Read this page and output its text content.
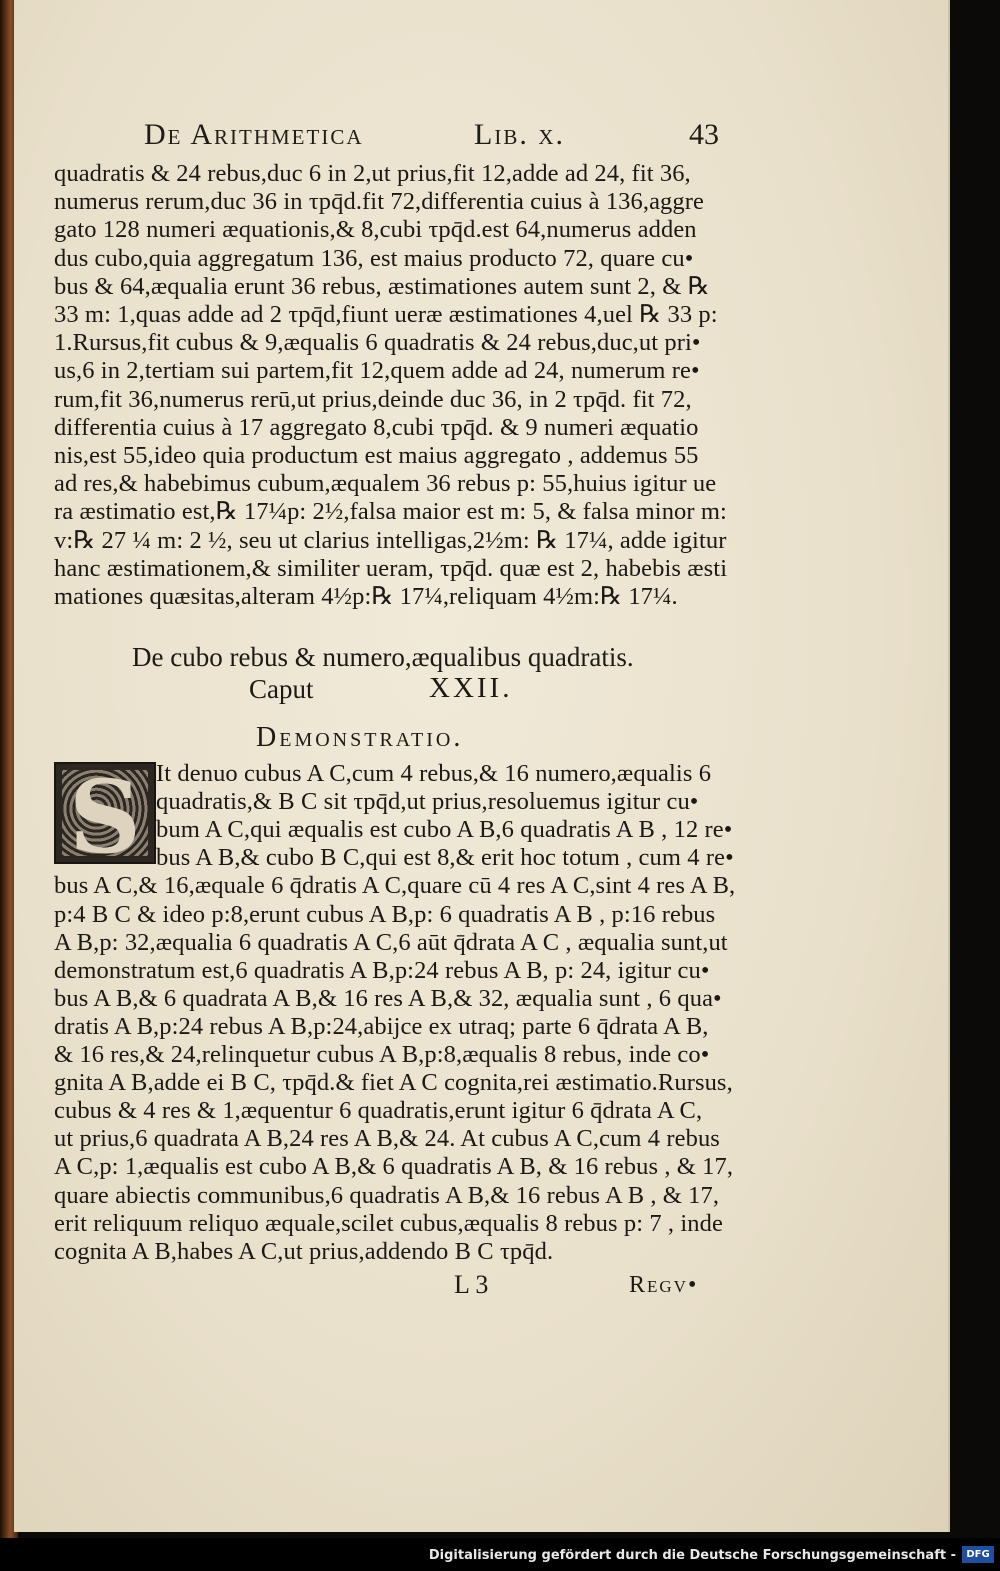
De Arithmetica	Lib. x.	43
quadratis & 24 rebus,duc 6 in 2,ut prius,fit 12,adde ad 24, fit 36,
numerus rerum,duc 36 in τpq̄d.fit 72,differentia cuius à 136,aggre
gato 128 numeri æquationis,& 8,cubi τpq̄d.est 64,numerus adden
dus cubo,quia aggregatum 136, est maius producto 72, quare cu•
bus & 64,æqualia erunt 36 rebus, æstimationes autem sunt 2, & ℞
33 m: 1,quas adde ad 2 τpq̄d,fiunt ueræ æstimationes 4,uel ℞ 33 p:
1.Rursus,fit cubus & 9,æqualis 6 quadratis & 24 rebus,duc,ut pri•
us,6 in 2,tertiam sui partem,fit 12,quem adde ad 24, numerum re•
rum,fit 36,numerus rerū,ut prius,deinde duc 36, in 2 τpq̄d. fit 72,
differentia cuius à 17 aggregato 8,cubi τpq̄d. & 9 numeri æquatio
nis,est 55,ideo quia productum est maius aggregato , addemus 55
ad res,& habebimus cubum,æqualem 36 rebus p: 55,huius igitur ue
ra æstimatio est,℞ 17¼p: 2½,falsa maior est m: 5, & falsa minor m:
v:℞ 27 ¼ m: 2 ½, seu ut clarius intelligas,2½m: ℞ 17¼, adde igitur
hanc æstimationem,& similiter ueram, τpq̄d. quæ est 2, habebis æsti
mationes quæsitas,alteram 4½p:℞ 17¼,reliquam 4½m:℞ 17¼.
De cubo rebus & numero,æqualibus quadratis.
Caput	XXII.
Demonstratio.
S It denuo cubus A C,cum 4 rebus,& 16 numero,æqualis 6
quadratis,& B C sit τpq̄d,ut prius,resoluemus igitur cu•
bum A C,qui æqualis est cubo A B,6 quadratis A B , 12 re•
bus A B,& cubo B C,qui est 8,& erit hoc totum , cum 4 re•
bus A C,& 16,æquale 6 q̄dratis A C,quare cū 4 res A C,sint 4 res A B,
p:4 B C & ideo p:8,erunt cubus A B,p: 6 quadratis A B , p:16 rebus
A B,p: 32,æqualia 6 quadratis A C,6 aūt q̄drata A C , æqualia sunt,ut
demonstratum est,6 quadratis A B,p:24 rebus A B, p: 24, igitur cu•
bus A B,& 6 quadrata A B,& 16 res A B,& 32, æqualia sunt , 6 qua•
dratis A B,p:24 rebus A B,p:24,abijce ex utraq; parte 6 q̄drata A B,
& 16 res,& 24,relinquetur cubus A B,p:8,æqualis 8 rebus, inde co•
gnita A B,adde ei B C, τpq̄d.& fiet A C cognita,rei æstimatio.Rursus,
cubus & 4 res & 1,æquentur 6 quadratis,erunt igitur 6 q̄drata A C,
ut prius,6 quadrata A B,24 res A B,& 24. At cubus A C,cum 4 rebus
A C,p: 1,æqualis est cubo A B,& 6 quadratis A B, & 16 rebus , & 17,
quare abiectis communibus,6 quadratis A B,& 16 rebus A B , & 17,
erit reliquum reliquo æquale,scilet cubus,æqualis 8 rebus p: 7 , inde
cognita A B,habes A C,ut prius,addendo B C τpq̄d.
L 3	Regv•
Digitalisierung gefördert durch die Deutsche Forschungsgemeinschaft -	DFG
